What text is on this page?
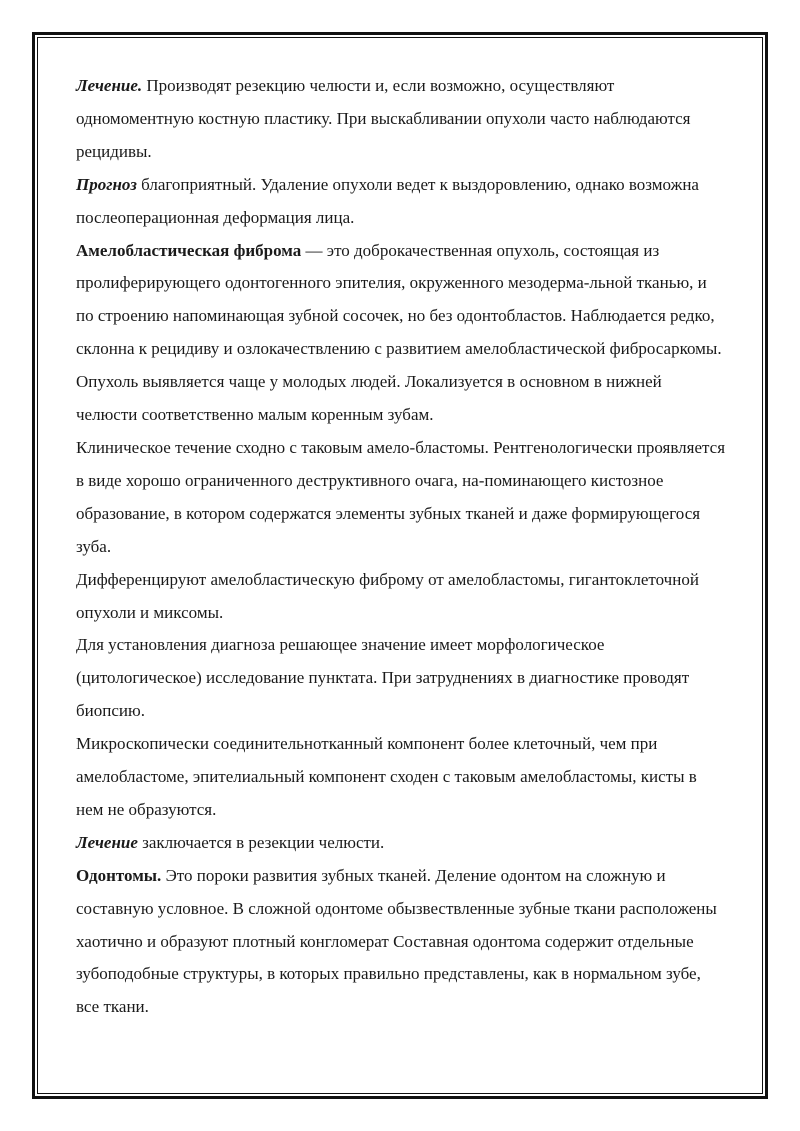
Лечение. Производят резекцию челюсти и, если возможно, осуществляют одномоментную костную пластику. При выскабливании опухоли часто наблюдаются рецидивы.

Прогноз благоприятный. Удаление опухоли ведет к выздоровлению, однако возможна послеоперационная деформация лица.

Амелобластическая фиброма — это доброкачественная опухоль, состоящая из пролиферирующего одонтогенного эпителия, окруженного мезодерма-льной тканью, и по строению напоминающая зубной сосочек, но без одонтобластов. Наблюдается редко, склонна к рецидиву и озлокачествлению с развитием амелобластической фибросаркомы. Опухоль выявляется чаще у молодых людей. Локализуется в основном в нижней челюсти соответственно малым коренным зубам.

Клиническое течение сходно с таковым амело-бластомы. Рентгенологически проявляется в виде хорошо ограниченного деструктивного очага, на-поминающего кистозное образование, в котором содержатся элементы зубных тканей и даже формирующегося зуба.

Дифференцируют амелобластическую фиброму от амелобластомы, гигантоклеточной опухоли и миксомы.

Для установления диагноза решающее значение имеет морфологическое (цитологическое) исследование пунктата. При затруднениях в диагностике проводят биопсию.

Микроскопически соединительнотканный компонент более клеточный, чем при амелобластоме, эпителиальный компонент сходен с таковым амелобластомы, кисты в нем не образуются.

Лечение заключается в резекции челюсти.

Одонтомы. Это пороки развития зубных тканей. Деление одонтом на сложную и составную условное. В сложной одонтоме обызвествленные зубные ткани расположены хаотично и образуют плотный конгломерат Составная одонтома содержит отдельные зубоподобные структуры, в которых правильно представлены, как в нормальном зубе, все ткани.
